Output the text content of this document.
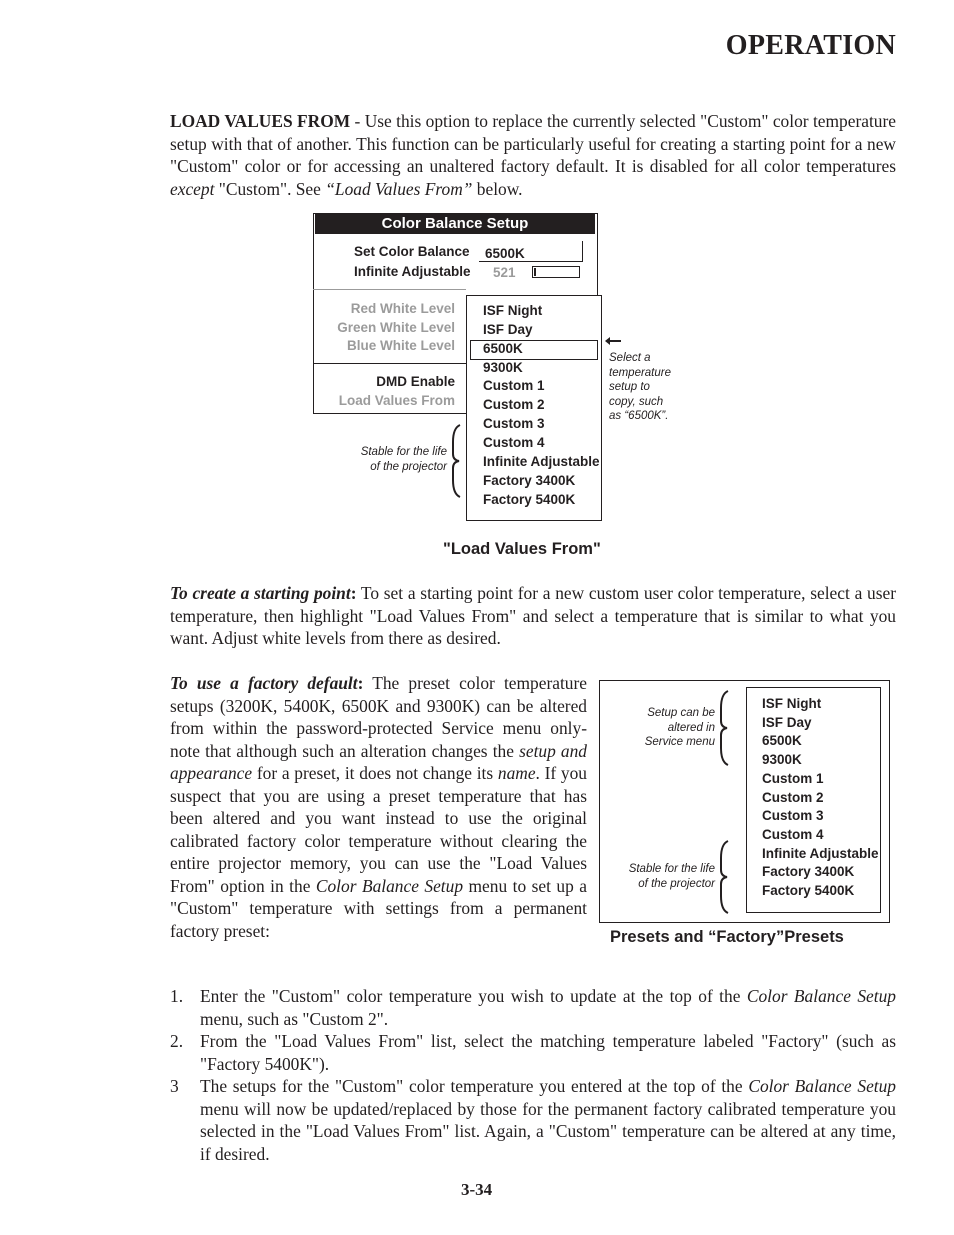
OPERATION

LOAD VALUES FROM - Use this option to replace the currently selected "Custom" color temperature setup with that of another. This function can be particularly useful for creating a starting point for a new "Custom" color or for accessing an unaltered factory default. It is disabled for all color temperatures except "Custom". See “Load Values From” below.

Color Balance Setup
Set Color Balance 6500K
Infinite Adjustable 521
Red White Level
Green White Level
Blue White Level
DMD Enable
Load Values From
ISF Night
ISF Day
6500K
9300K
Custom 1
Custom 2
Custom 3
Custom 4
Infinite Adjustable
Factory 3400K
Factory 5400K
Select a temperature
setup to copy, such
as “6500K”.
Stable for the life
of the projector
"Load Values From"

To create a starting point: To set a starting point for a new custom user color temperature, select a user temperature, then highlight "Load Values From" and select a temperature that is similar to what you want. Adjust white levels from there as desired.

To use a factory default: The preset color temperature setups (3200K, 5400K, 6500K and 9300K) can be altered from within the password-protected Service menu only-note that although such an alteration changes the setup and appearance for a preset, it does not change its name. If you suspect that you are using a preset temperature that has been altered and you want instead to use the original calibrated factory color temperature without clearing the entire projector memory, you can use the "Load Values From" option in the Color Balance Setup menu to set up a "Custom" temperature with settings from a permanent factory preset:

ISF Night
ISF Day
6500K
9300K
Custom 1
Custom 2
Custom 3
Custom 4
Infinite Adjustable
Factory 3400K
Factory 5400K
Setup can be
altered in
Service menu
Stable for the life
of the projector
Presets and “Factory”Presets
1. Enter the "Custom" color temperature you wish to update at the top of the Color Balance Setup menu, such as "Custom 2".
2. From the "Load Values From" list, select the matching temperature labeled "Factory" (such as "Factory 5400K").
3 The setups for the "Custom" color temperature you entered at the top of the Color Balance Setup menu will now be updated/replaced by those for the permanent factory calibrated temperature you selected in the "Load Values From" list. Again, a "Custom" temperature can be altered at any time, if desired.
3-34
